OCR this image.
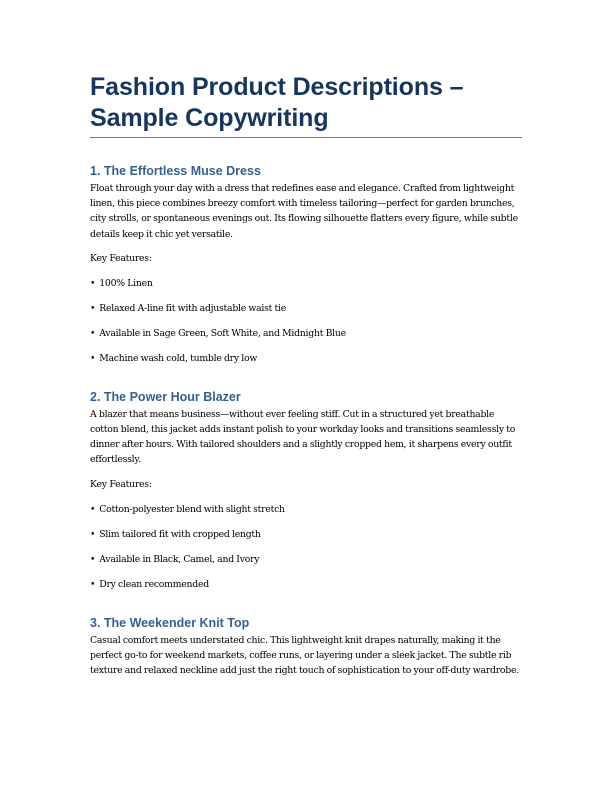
Fashion Product Descriptions – Sample Copywriting
1. The Effortless Muse Dress

Float through your day with a dress that redefines ease and elegance. Crafted from lightweight linen, this piece combines breezy comfort with timeless tailoring—perfect for garden brunches, city strolls, or spontaneous evenings out. Its flowing silhouette flatters every figure, while subtle details keep it chic yet versatile.

Key Features:

• 100% Linen
• Relaxed A-line fit with adjustable waist tie
• Available in Sage Green, Soft White, and Midnight Blue
• Machine wash cold, tumble dry low
2. The Power Hour Blazer

A blazer that means business—without ever feeling stiff. Cut in a structured yet breathable cotton blend, this jacket adds instant polish to your workday looks and transitions seamlessly to dinner after hours. With tailored shoulders and a slightly cropped hem, it sharpens every outfit effortlessly.

Key Features:

• Cotton-polyester blend with slight stretch
• Slim tailored fit with cropped length
• Available in Black, Camel, and Ivory
• Dry clean recommended
3. The Weekender Knit Top

Casual comfort meets understated chic. This lightweight knit drapes naturally, making it the perfect go-to for weekend markets, coffee runs, or layering under a sleek jacket. The subtle rib texture and relaxed neckline add just the right touch of sophistication to your off-duty wardrobe.
